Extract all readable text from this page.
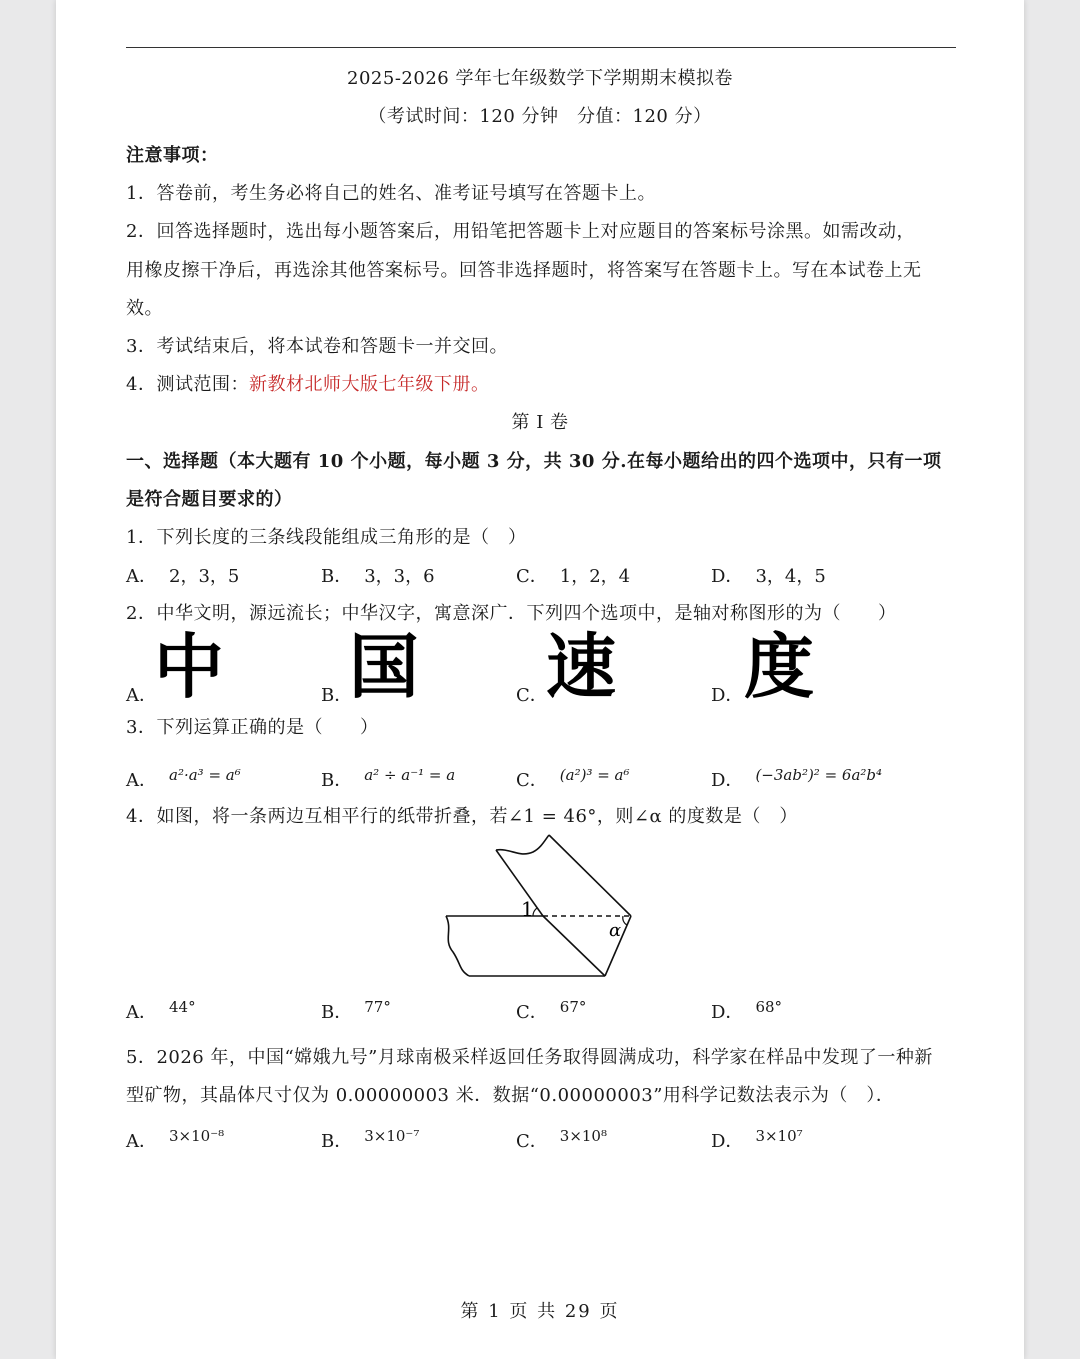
2025-2026 学年七年级数学下学期期末模拟卷
（考试时间：120 分钟　分值：120 分）
注意事项：
1．答卷前，考生务必将自己的姓名、准考证号填写在答题卡上。
2．回答选择题时，选出每小题答案后，用铅笔把答题卡上对应题目的答案标号涂黑。如需改动，
用橡皮擦干净后，再选涂其他答案标号。回答非选择题时，将答案写在答题卡上。写在本试卷上无
效。
3．考试结束后，将本试卷和答题卡一并交回。
4．测试范围：新教材北师大版七年级下册。
第 I 卷
一、选择题（本大题有 10 个小题，每小题 3 分，共 30 分.在每小题给出的四个选项中，只有一项
是符合题目要求的）
1．下列长度的三条线段能组成三角形的是（　）
A． 2，3，5	B． 3，3，6	C． 1，2，4	D． 3，4，5
2．中华文明，源远流长；中华汉字，寓意深广．下列四个选项中，是轴对称图形的为（　　）
A．
中	B．
国	C．
速	D． 度
3．下列运算正确的是（　　）
A． $^{a^2\cdot a^3 = a^6}$	B． $^{a^2 \div a^{-1} = a}$	C． $^{(a^2)^3 = a^6}$	D． $^{(-3ab^2)^2 = 6a^2b^4}$
4．如图，将一条两边互相平行的纸带折叠，若∠1 = 46°，则∠α 的度数是（　）
1
α
A． $^{44^\circ}$	B． $^{77^\circ}$	C． $^{67^\circ}$	D． $^{68^\circ}$
5．2026 年，中国“嫦娥九号”月球南极采样返回任务取得圆满成功，科学家在样品中发现了一种新
型矿物，其晶体尺寸仅为 0.00000003 米．数据“0.00000003”用科学记数法表示为（　）．
A． $^{3\times 10^{-8}}$	B． $^{3\times 10^{-7}}$	C． $^{3\times 10^8}$	D． $^{3\times 10^7}$
第 1 页 共 29 页
